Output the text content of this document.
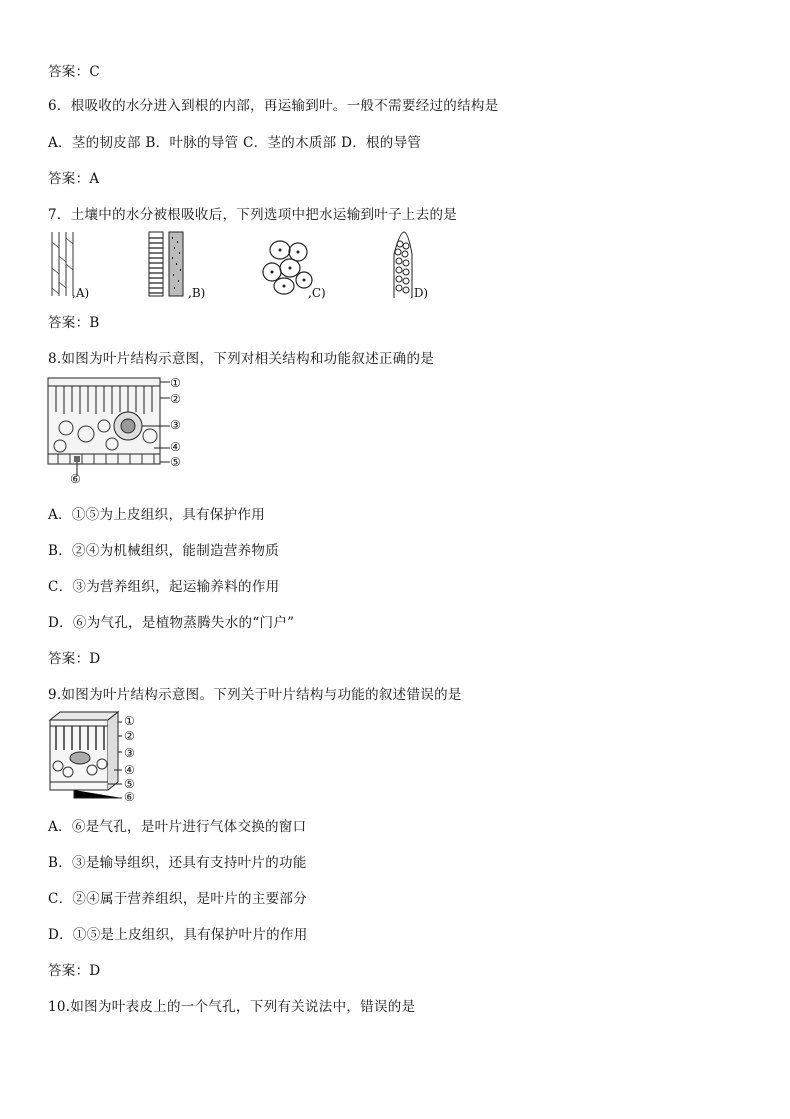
答案：C
6．根吸收的水分进入到根的内部，再运输到叶。一般不需要经过的结构是
A．茎的韧皮部 B．叶脉的导管 C．茎的木质部 D．根的导管
答案：A
7．土壤中的水分被根吸收后，下列选项中把水运输到叶子上去的是
,A)	,B)	,C)	,D)
答案：B
8.如图为叶片结构示意图，下列对相关结构和功能叙述正确的是
①
②
③
④
⑤
⑥
A．①⑤为上皮组织，具有保护作用
B．②④为机械组织，能制造营养物质
C．③为营养组织，起运输养料的作用
D．⑥为气孔，是植物蒸腾失水的“门户”
答案：D
9.如图为叶片结构示意图。下列关于叶片结构与功能的叙述错误的是
①
②
③
④
⑤
⑥
A．⑥是气孔，是叶片进行气体交换的窗口
B．③是输导组织，还具有支持叶片的功能
C．②④属于营养组织，是叶片的主要部分
D．①⑤是上皮组织，具有保护叶片的作用
答案：D
10.如图为叶表皮上的一个气孔，下列有关说法中，错误的是
